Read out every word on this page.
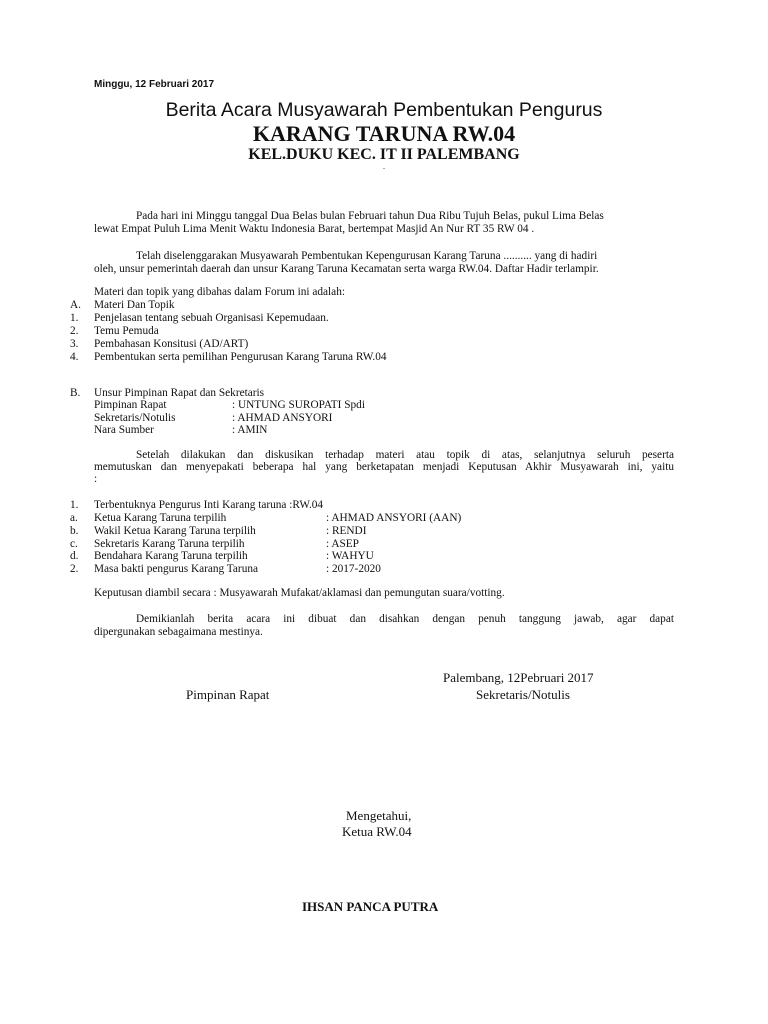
Minggu, 12 Februari 2017
Berita Acara Musyawarah Pembentukan Pengurus
KARANG TARUNA RW.04
KEL.DUKU KEC. IT II PALEMBANG
.
Pada hari ini Minggu tanggal Dua Belas bulan Februari tahun Dua Ribu Tujuh Belas, pukul Lima Belas
lewat Empat Puluh Lima Menit Waktu Indonesia Barat, bertempat Masjid An Nur RT 35 RW 04 .
Telah diselenggarakan Musyawarah Pembentukan Kepengurusan Karang Taruna .......... yang di hadiri
oleh, unsur pemerintah daerah dan unsur Karang Taruna Kecamatan serta warga RW.04. Daftar Hadir terlampir.
Materi dan topik yang dibahas dalam Forum ini adalah:
A. Materi Dan Topik
1. Penjelasan tentang sebuah Organisasi Kepemudaan.
2. Temu Pemuda
3. Pembahasan Konsitusi (AD/ART)
4. Pembentukan serta pemilihan Pengurusan Karang Taruna RW.04
B. Unsur Pimpinan Rapat dan Sekretaris
Pimpinan Rapat	: UNTUNG SUROPATI Spdi
Sekretaris/Notulis	: AHMAD ANSYORI
Nara Sumber	: AMIN
Setelah dilakukan dan diskusikan terhadap materi atau topik di atas, selanjutnya seluruh peserta
memutuskan dan menyepakati beberapa hal yang berketapatan menjadi Keputusan Akhir Musyawarah ini, yaitu
:
1. Terbentuknya Pengurus Inti Karang taruna :RW.04
a. Ketua Karang Taruna terpilih	: AHMAD ANSYORI (AAN)
b. Wakil Ketua Karang Taruna terpilih	: RENDI
c. Sekretaris Karang Taruna terpilih	: ASEP
d. Bendahara Karang Taruna terpilih	: WAHYU
2. Masa bakti pengurus Karang Taruna	: 2017-2020
Keputusan diambil secara : Musyawarah Mufakat/aklamasi dan pemungutan suara/votting.
Demikianlah berita acara ini dibuat dan disahkan dengan penuh tanggung jawab, agar dapat
dipergunakan sebagaimana mestinya.
Palembang, 12Pebruari 2017
Pimpinan Rapat	Sekretaris/Notulis
Mengetahui,
Ketua RW.04
IHSAN PANCA PUTRA
